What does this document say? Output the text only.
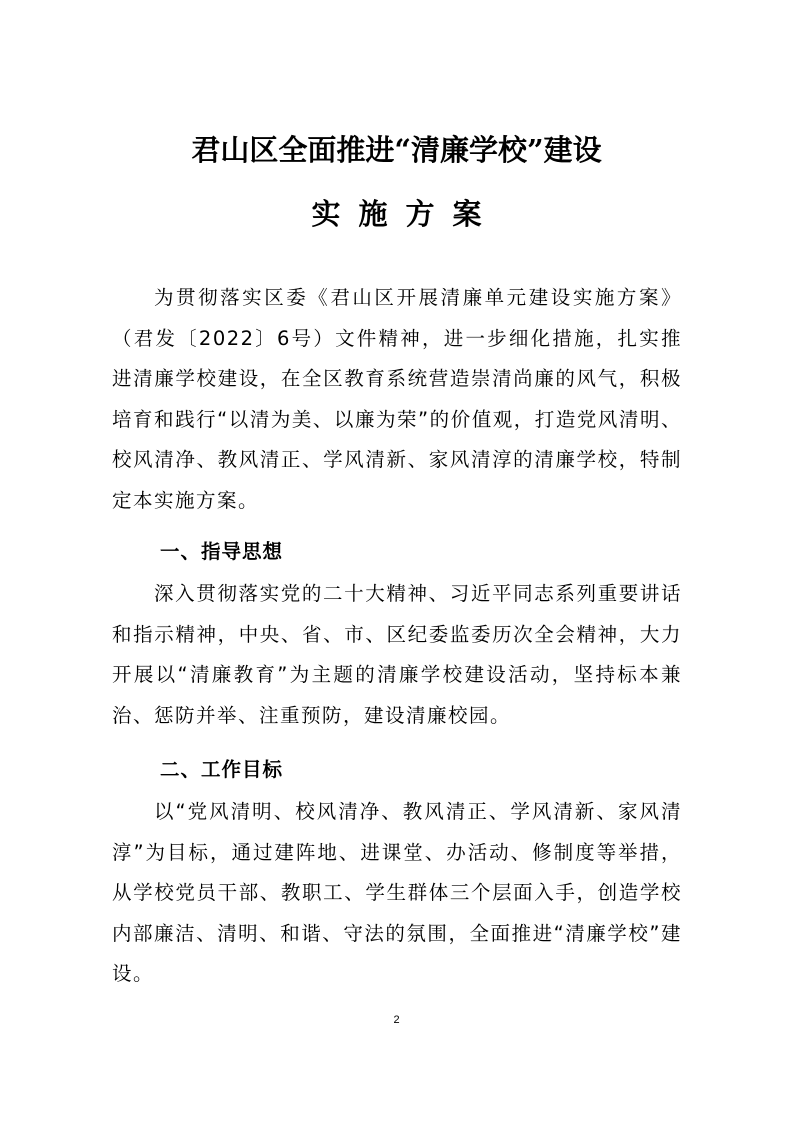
君山区全面推进“清廉学校”建设
实施方案

为贯彻落实区委《君山区开展清廉单元建设实施方案》（君发〔2022〕6号）文件精神，进一步细化措施，扎实推进清廉学校建设，在全区教育系统营造崇清尚廉的风气，积极培育和践行“以清为美、以廉为荣”的价值观，打造党风清明、校风清净、教风清正、学风清新、家风清淳的清廉学校，特制定本实施方案。

一、指导思想

深入贯彻落实党的二十大精神、习近平同志系列重要讲话和指示精神，中央、省、市、区纪委监委历次全会精神，大力开展以“清廉教育”为主题的清廉学校建设活动，坚持标本兼治、惩防并举、注重预防，建设清廉校园。

二、工作目标

以“党风清明、校风清净、教风清正、学风清新、家风清淳”为目标，通过建阵地、进课堂、办活动、修制度等举措，从学校党员干部、教职工、学生群体三个层面入手，创造学校内部廉洁、清明、和谐、守法的氛围，全面推进“清廉学校”建设。

2
